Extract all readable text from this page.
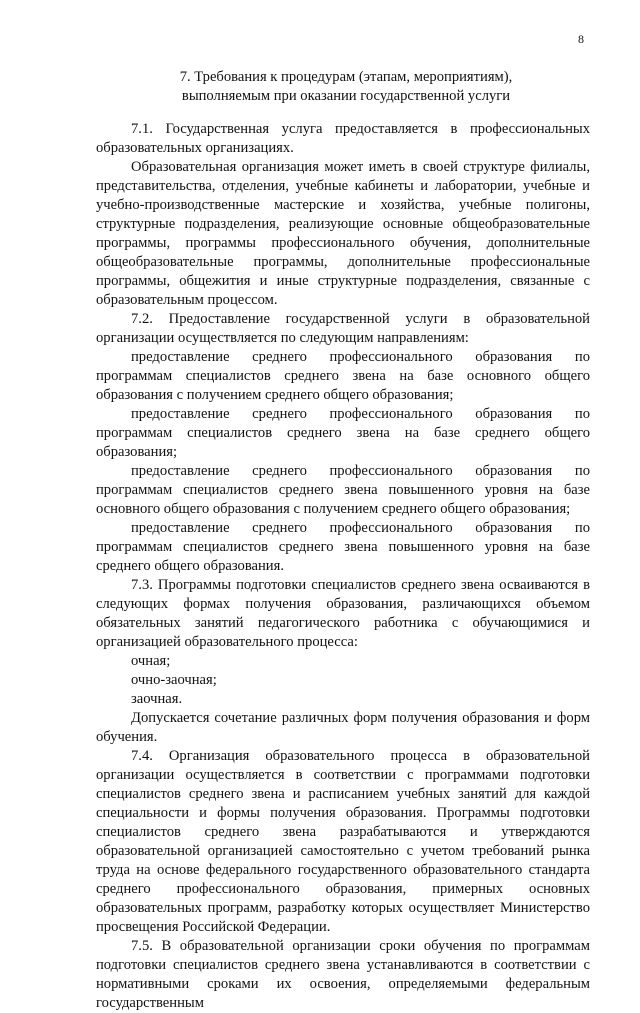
8
7. Требования к процедурам (этапам, мероприятиям),
выполняемым при оказании государственной услуги

7.1. Государственная услуга предоставляется в профессиональных образовательных организациях.

Образовательная организация может иметь в своей структуре филиалы, представительства, отделения, учебные кабинеты и лаборатории, учебные и учебно-производственные мастерские и хозяйства, учебные полигоны, структурные подразделения, реализующие основные общеобразовательные программы, программы профессионального обучения, дополнительные общеобразовательные программы, дополнительные профессиональные программы, общежития и иные структурные подразделения, связанные с образовательным процессом.

7.2. Предоставление государственной услуги в образовательной организации осуществляется по следующим направлениям:

предоставление среднего профессионального образования по программам специалистов среднего звена на базе основного общего образования с получением среднего общего образования;

предоставление среднего профессионального образования по программам специалистов среднего звена на базе среднего общего образования;

предоставление среднего профессионального образования по программам специалистов среднего звена повышенного уровня на базе основного общего образования с получением среднего общего образования;

предоставление среднего профессионального образования по программам специалистов среднего звена повышенного уровня на базе среднего общего образования.

7.3. Программы подготовки специалистов среднего звена осваиваются в следующих формах получения образования, различающихся объемом обязательных занятий педагогического работника с обучающимися и организацией образовательного процесса:

очная;

очно-заочная;

заочная.

Допускается сочетание различных форм получения образования и форм обучения.

7.4. Организация образовательного процесса в образовательной организации осуществляется в соответствии с программами подготовки специалистов среднего звена и расписанием учебных занятий для каждой специальности и формы получения образования. Программы подготовки специалистов среднего звена разрабатываются и утверждаются образовательной организацией самостоятельно с учетом требований рынка труда на основе федерального государственного образовательного стандарта среднего профессионального образования, примерных основных образовательных программ, разработку которых осуществляет Министерство просвещения Российской Федерации.

7.5. В образовательной организации сроки обучения по программам подготовки специалистов среднего звена устанавливаются в соответствии с нормативными сроками их освоения, определяемыми федеральным государственным
